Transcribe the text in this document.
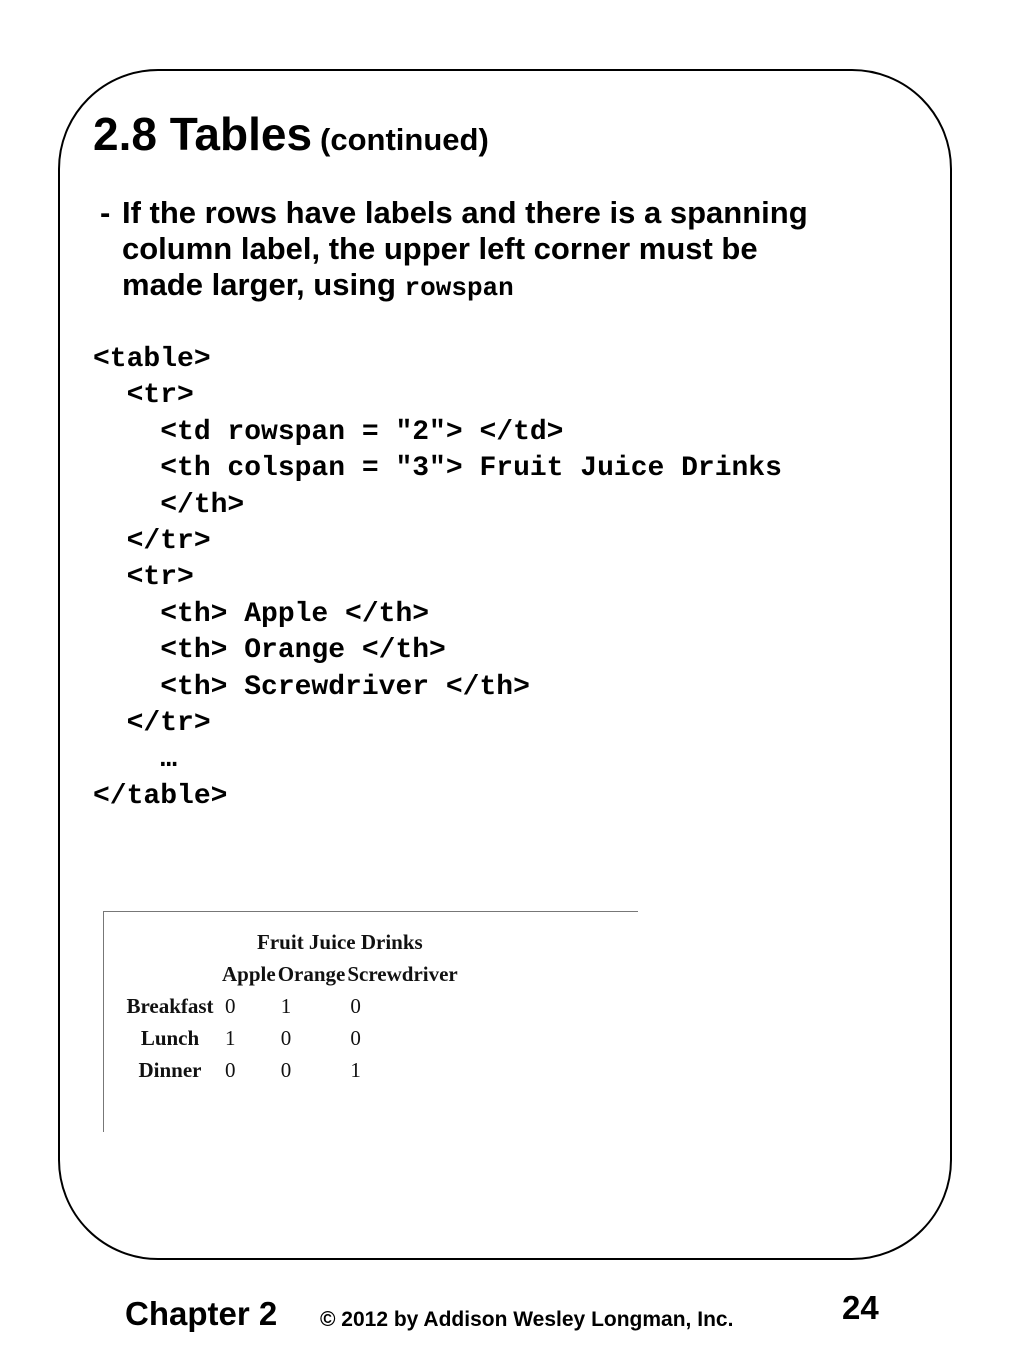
2.8 Tables (continued)
- If the rows have labels and there is a spanning
column label, the upper left corner must be
made larger, using rowspan
<table>
<tr>
<td rowspan = "2"> </td>
<th colspan = "3"> Fruit Juice Drinks
</th>
</tr>
<tr>
<th> Apple </th>
<th> Orange </th>
<th> Screwdriver </th>
</tr>
…
</table>
	Fruit Juice Drinks		
	Apple	Orange	Screwdriver
Breakfast	0	1	0
Lunch	1	0	0
Dinner	0	0	1
Chapter 2 © 2012 by Addison Wesley Longman, Inc.	24
